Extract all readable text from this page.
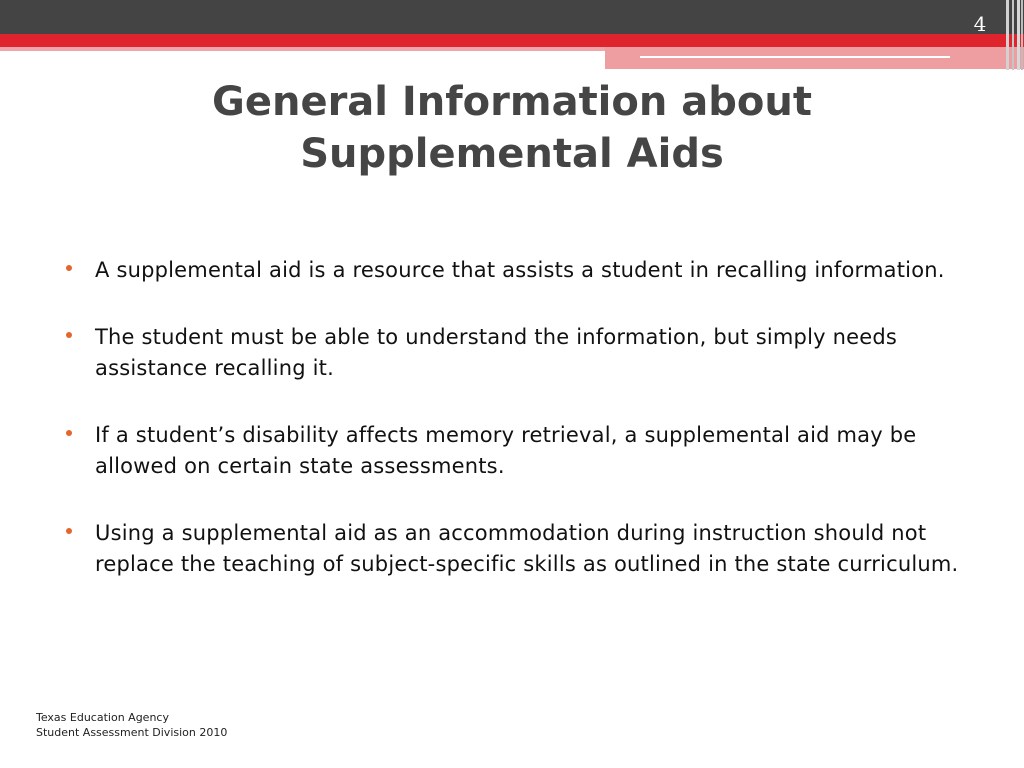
4
General Information about
Supplemental Aids
A supplemental aid is a resource that assists a student in recalling information.
The student must be able to understand the information, but simply needs assistance recalling it.
If a student’s disability affects memory retrieval, a supplemental aid may be allowed on certain state assessments.
Using a supplemental aid as an accommodation during instruction should not replace the teaching of subject-specific skills as outlined in the state curriculum.
Texas Education Agency
Student Assessment Division 2010
